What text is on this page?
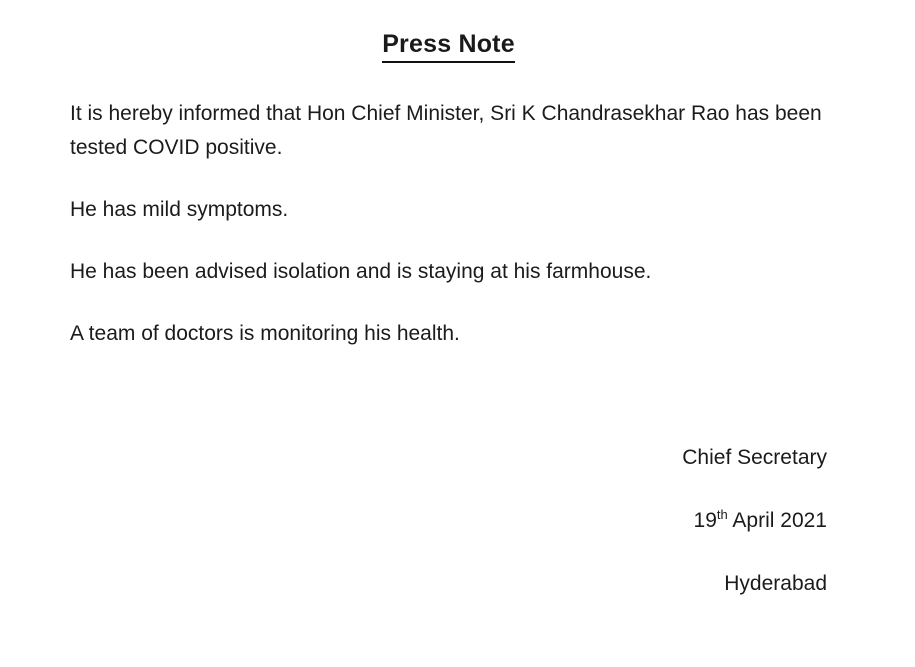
Press Note

It is hereby informed that Hon Chief Minister, Sri K Chandrasekhar Rao has been tested COVID positive.

He has mild symptoms.

He has been advised isolation and is staying at his farmhouse.

A team of doctors is monitoring his health.

Chief Secretary

19th April 2021

Hyderabad
